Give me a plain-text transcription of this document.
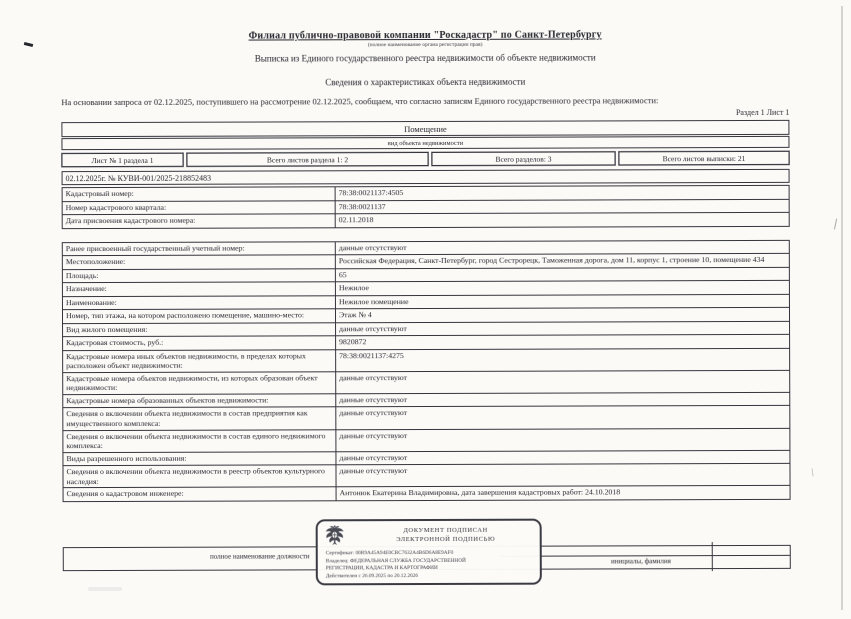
Филиал публично-правовой компании "Роскадастр" по Санкт-Петербургу
(полное наименование органа регистрации прав)
Выписка из Единого государственного реестра недвижимости об объекте недвижимости
Сведения о характеристиках объекта недвижимости
На основании запроса от 02.12.2025, поступившего на рассмотрение 02.12.2025, сообщаем, что согласно записям Единого государственного реестра недвижимости:
Раздел 1 Лист 1
Помещение
вид объекта недвижимости
Лист № 1 раздела 1	Всего листов раздела 1: 2	Всего разделов: 3	Всего листов выписки: 21
02.12.2025г. № КУВИ-001/2025-218852483
Кадастровый номер:	78:38:0021137:4505
Номер кадастрового квартала:	78:38:0021137
Дата присвоения кадастрового номера:	02.11.2018
Ранее присвоенный государственный учетный номер:	данные отсутствуют
Местоположение:	Российская Федерация, Санкт-Петербург, город Сестрорецк, Таможенная дорога, дом 11, корпус 1, строение 10, помещение 434
Площадь:	65
Назначение:	Нежилое
Наименование:	Нежилое помещение
Номер, тип этажа, на котором расположено помещение, машино-место:	Этаж № 4
Вид жилого помещения:	данные отсутствуют
Кадастровая стоимость, руб.:	9820872
Кадастровые номера иных объектов недвижимости, в пределах которых расположен объект недвижимости:
78:38:0021137:4275
Кадастровые номера объектов недвижимости, из которых образован объект недвижимости:
данные отсутствуют
Кадастровые номера образованных объектов недвижимости:	данные отсутствуют
Сведения о включении объекта недвижимости в состав предприятия как имущественного комплекса:
данные отсутствуют
Сведения о включении объекта недвижимости в состав единого недвижимого комплекса:
данные отсутствуют
Виды разрешенного использования:	данные отсутствуют
Сведения о включении объекта недвижимости в реестр объектов культурного наследия:
данные отсутствуют
Сведения о кадастровом инженере:	Антонюк Екатерина Владимировна, дата завершения кадастровых работ: 24.10.2018
полное наименование должности
инициалы, фамилия
ДОКУМЕНТ ПОДПИСАН
ЭЛЕКТРОННОЙ ПОДПИСЬЮ
Сертификат: 00B9A45A94E0CBC7632A4B6D6A8E9AF0
Владелец: ФЕДЕРАЛЬНАЯ СЛУЖБА ГОСУДАРСТВЕННОЙ
РЕГИСТРАЦИИ, КАДАСТРА И КАРТОГРАФИИ
Действителен с 26.09.2025 по 20.12.2026
